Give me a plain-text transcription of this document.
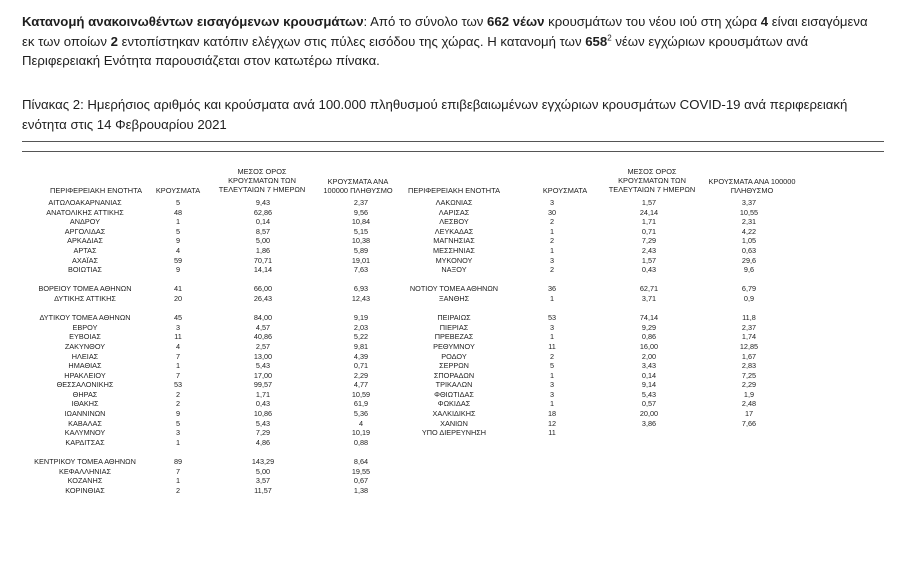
Κατανομή ανακοινωθέντων εισαγόμενων κρουσμάτων: Από το σύνολο των 662 νέων κρουσμάτων του νέου ιού στη χώρα 4 είναι εισαγόμενα εκ των οποίων 2 εντοπίστηκαν κατόπιν ελέγχων στις πύλες εισόδου της χώρας. Η κατανομή των $658^2$ νέων εγχώριων κρουσμάτων ανά Περιφερειακή Ενότητα παρουσιάζεται στον κατωτέρω πίνακα.
Πίνακας 2: Ημερήσιος αριθμός και κρούσματα ανά 100.000 πληθυσμού επιβεβαιωμένων εγχώριων κρουσμάτων COVID-19 ανά περιφερειακή ενότητα στις 14 Φεβρουαρίου 2021
ΠΕΡΙΦΕΡΕΙΑΚΗ ΕΝΟΤΗΤΑ	ΚΡΟΥΣΜΑΤΑ
ΜΕΣΟΣ ΟΡΟΣ ΚΡΟΥΣΜΑΤΩΝ ΤΩΝ ΤΕΛΕΥΤΑΙΩΝ 7 ΗΜΕΡΩΝ
ΚΡΟΥΣΜΑΤΑ ΑΝΑ 100000 ΠΛΗΘΥΣΜΟ	ΠΕΡΙΦΕΡΕΙΑΚΗ ΕΝΟΤΗΤΑ	ΚΡΟΥΣΜΑΤΑ
ΜΕΣΟΣ ΟΡΟΣ ΚΡΟΥΣΜΑΤΩΝ ΤΩΝ ΤΕΛΕΥΤΑΙΩΝ 7 ΗΜΕΡΩΝ
ΚΡΟΥΣΜΑΤΑ ΑΝΑ 100000 ΠΛΗΘΥΣΜΟ
ΑΙΤΩΛΟΑΚΑΡΝΑΝΙΑΣ	5	9,43	2,37
ΑΝΑΤΟΛΙΚΗΣ ΑΤΤΙΚΗΣ	48	62,86	9,56
ΑΝΔΡΟΥ	1	0,14	10,84
ΑΡΓΟΛΙΔΑΣ	5	8,57	5,15
ΑΡΚΑΔΙΑΣ	9	5,00	10,38
ΑΡΤΑΣ	4	1,86	5,89
ΑΧΑΪΑΣ	59	70,71	19,01
ΒΟΙΩΤΙΑΣ	9	14,14	7,63
ΒΟΡΕΙΟΥ ΤΟΜΕΑ ΑΘΗΝΩΝ	41	66,00	6,93
ΔΥΤΙΚΗΣ ΑΤΤΙΚΗΣ	20	26,43	12,43
ΔΥΤΙΚΟΥ ΤΟΜΕΑ ΑΘΗΝΩΝ	45	84,00	9,19
ΕΒΡΟΥ	3	4,57	2,03
ΕΥΒΟΙΑΣ	11	40,86	5,22
ΖΑΚΥΝΘΟΥ	4	2,57	9,81
ΗΛΕΙΑΣ	7	13,00	4,39
ΗΜΑΘΙΑΣ	1	5,43	0,71
ΗΡΑΚΛΕΙΟΥ	7	17,00	2,29
ΘΕΣΣΑΛΟΝΙΚΗΣ	53	99,57	4,77
ΘΗΡΑΣ	2	1,71	10,59
ΙΘΑΚΗΣ	2	0,43	61,9
ΙΩΑΝΝΙΝΩΝ	9	10,86	5,36
ΚΑΒΑΛΑΣ	5	5,43	4
ΚΑΛΥΜΝΟΥ	3	7,29	10,19
ΚΑΡΔΙΤΣΑΣ	1	4,86	0,88
ΚΕΝΤΡΙΚΟΥ ΤΟΜΕΑ ΑΘΗΝΩΝ	89	143,29	8,64
ΚΕΦΑΛΛΗΝΙΑΣ	7	5,00	19,55
ΚΟΖΑΝΗΣ	1	3,57	0,67
ΚΟΡΙΝΘΙΑΣ	2	11,57	1,38
ΛΑΚΩΝΙΑΣ	3	1,57	3,37
ΛΑΡΙΣΑΣ	30	24,14	10,55
ΛΕΣΒΟΥ	2	1,71	2,31
ΛΕΥΚΑΔΑΣ	1	0,71	4,22
ΜΑΓΝΗΣΙΑΣ	2	7,29	1,05
ΜΕΣΣΗΝΙΑΣ	1	2,43	0,63
ΜΥΚΟΝΟΥ	3	1,57	29,6
ΝΑΞΟΥ	2	0,43	9,6
ΝΟΤΙΟΥ ΤΟΜΕΑ ΑΘΗΝΩΝ	36	62,71	6,79
ΞΑΝΘΗΣ	1	3,71	0,9
ΠΕΙΡΑΙΩΣ	53	74,14	11,8
ΠΙΕΡΙΑΣ	3	9,29	2,37
ΠΡΕΒΕΖΑΣ	1	0,86	1,74
ΡΕΘΥΜΝΟΥ	11	16,00	12,85
ΡΟΔΟΥ	2	2,00	1,67
ΣΕΡΡΩΝ	5	3,43	2,83
ΣΠΟΡΑΔΩΝ	1	0,14	7,25
ΤΡΙΚΑΛΩΝ	3	9,14	2,29
ΦΘΙΩΤΙΔΑΣ	3	5,43	1,9
ΦΩΚΙΔΑΣ	1	0,57	2,48
ΧΑΛΚΙΔΙΚΗΣ	18	20,00	17
ΧΑΝΙΩΝ	12	3,86	7,66
ΥΠΟ ΔΙΕΡΕΥΝΗΣΗ	11
